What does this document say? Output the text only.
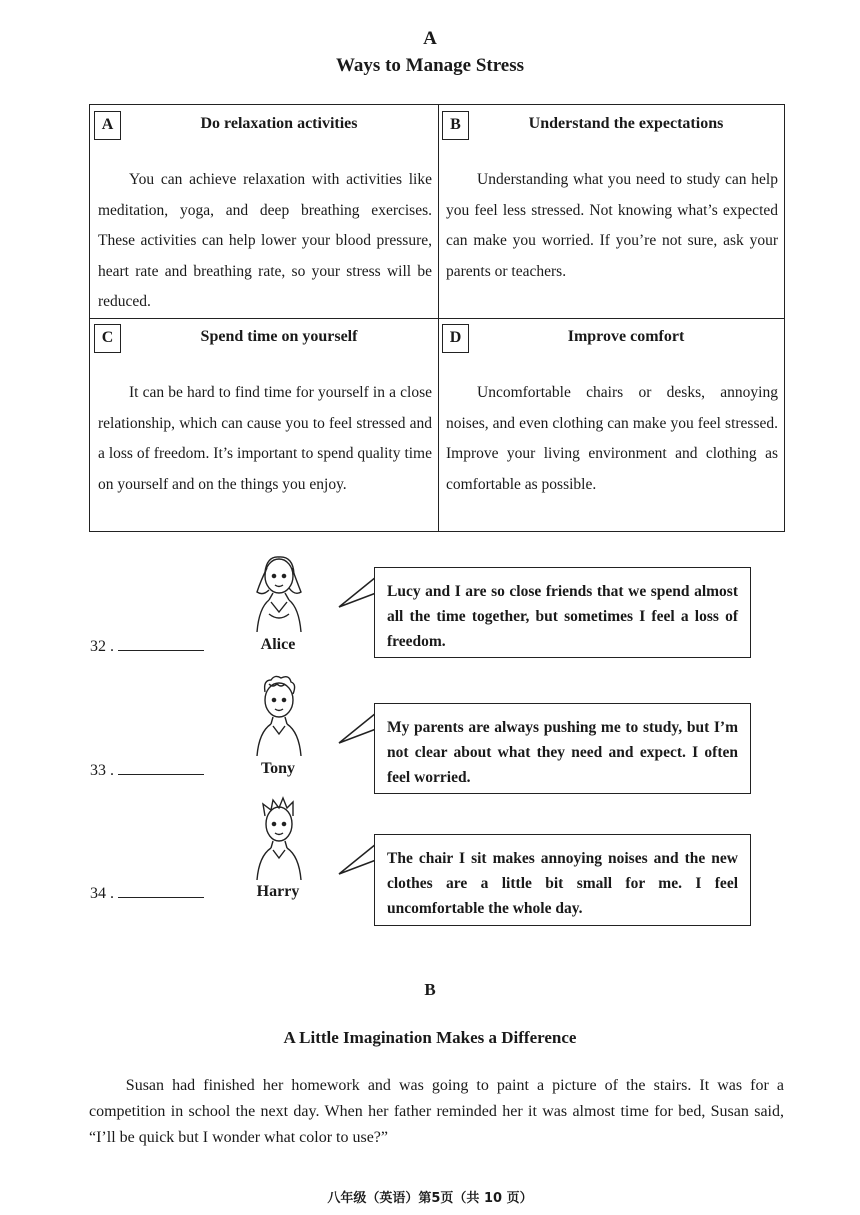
A
Ways to Manage Stress
A	Do relaxation activities
You can achieve relaxation with activities like meditation, yoga, and deep breathing exercises. These activities can help lower your blood pressure, heart rate and breathing rate, so your stress will be reduced.
B	Understand the expectations
Understanding what you need to study can help you feel less stressed. Not knowing what’s expected can make you worried. If you’re not sure, ask your parents or teachers.
C	Spend time on yourself
It can be hard to find time for yourself in a close relationship, which can cause you to feel stressed and a loss of freedom. It’s important to spend quality time on yourself and on the things you enjoy.
D	Improve comfort
Uncomfortable chairs or desks, annoying noises, and even clothing can make you feel stressed. Improve your living environment and clothing as comfortable as possible.
32 .	Alice
Lucy and I are so close friends that we spend almost all the time together, but sometimes I feel a loss of freedom.
33 .	Tony
My parents are always pushing me to study, but I’m not clear about what they need and expect. I often feel worried.
34 .	Harry
The chair I sit makes annoying noises and the new clothes are a little bit small for me. I feel uncomfortable the whole day.
B
A Little Imagination Makes a Difference
Susan had finished her homework and was going to paint a picture of the stairs. It was for a competition in school the next day. When her father reminded her it was almost time for bed, Susan said, “I’ll be quick but I wonder what color to use?”
八年级（英语）第5页（共 10 页）
